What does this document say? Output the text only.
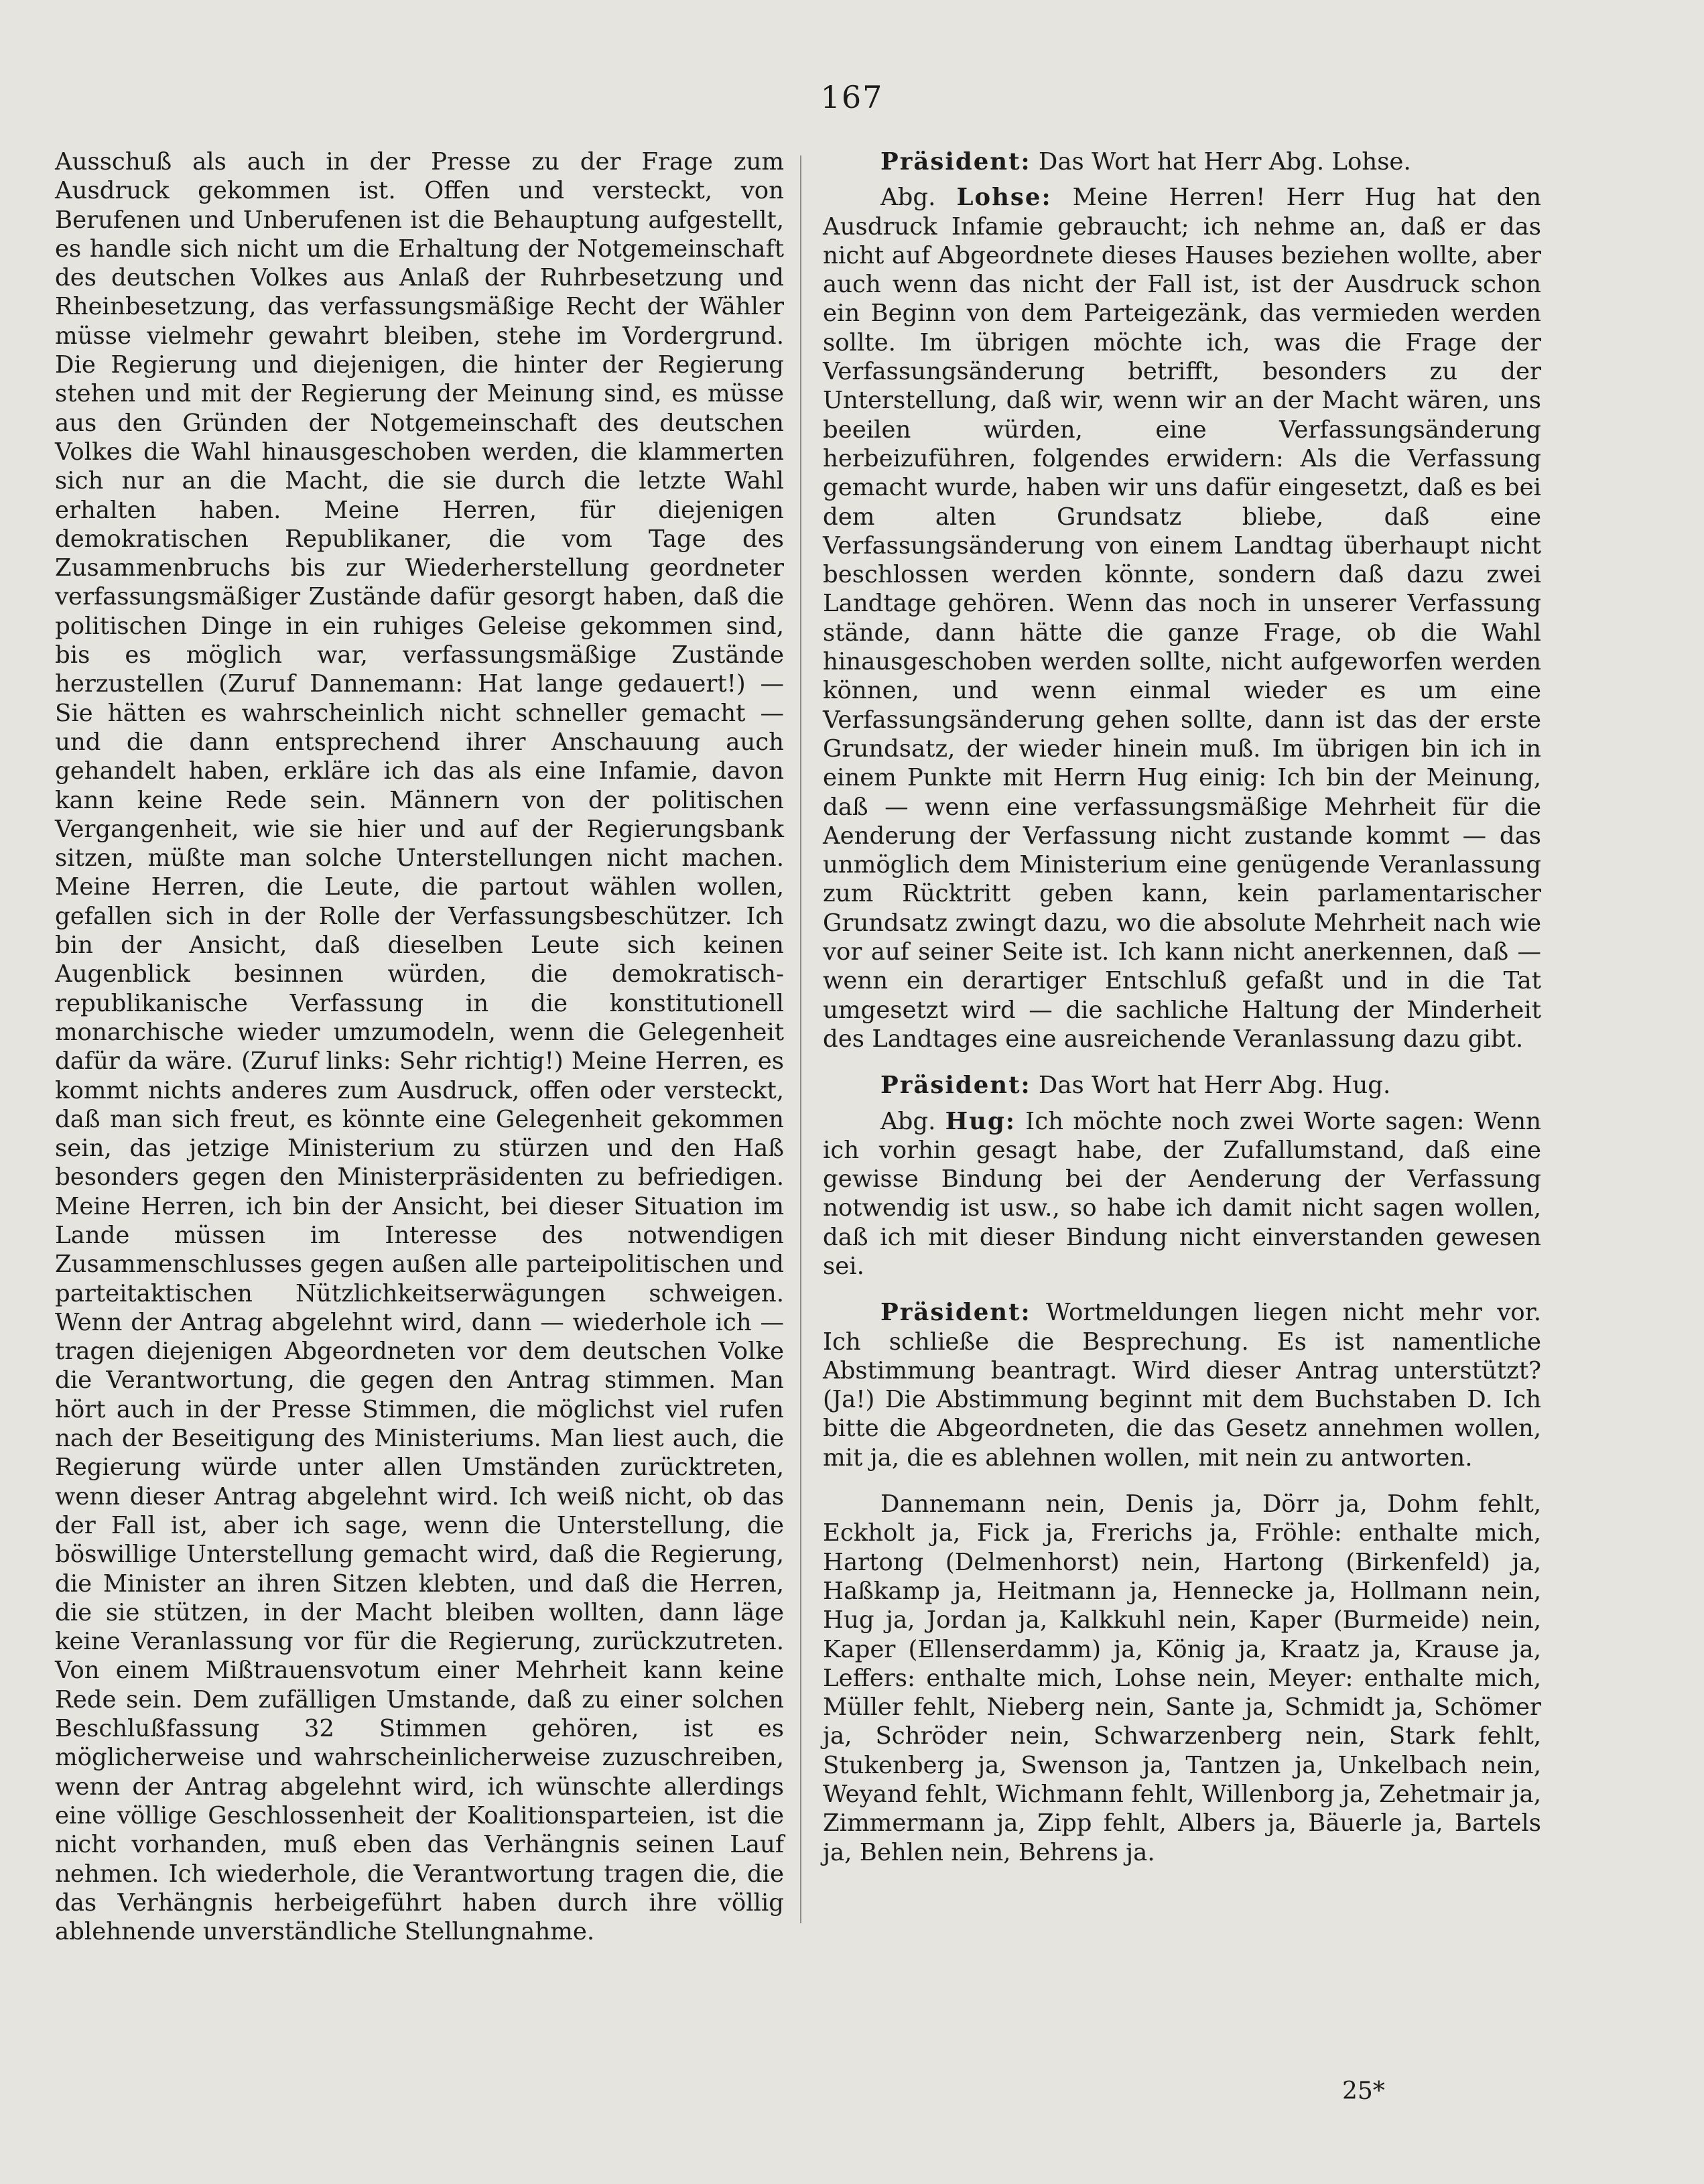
167

Ausschuß als auch in der Presse zu der Frage zum Ausdruck gekommen ist. Offen und versteckt, von Berufenen und Unberufenen ist die Behauptung aufgestellt, es handle sich nicht um die Erhaltung der Notgemeinschaft des deutschen Volkes aus Anlaß der Ruhrbesetzung und Rheinbesetzung, das verfassungsmäßige Recht der Wähler müsse vielmehr gewahrt bleiben, stehe im Vordergrund. Die Regierung und diejenigen, die hinter der Regierung stehen und mit der Regierung der Meinung sind, es müsse aus den Gründen der Notgemeinschaft des deutschen Volkes die Wahl hinausgeschoben werden, die klammerten sich nur an die Macht, die sie durch die letzte Wahl erhalten haben. Meine Herren, für diejenigen demokratischen Republikaner, die vom Tage des Zusammenbruchs bis zur Wiederherstellung geordneter verfassungsmäßiger Zustände dafür gesorgt haben, daß die politischen Dinge in ein ruhiges Geleise gekommen sind, bis es möglich war, verfassungsmäßige Zustände herzustellen (Zuruf Dannemann: Hat lange gedauert!) — Sie hätten es wahrscheinlich nicht schneller gemacht — und die dann entsprechend ihrer Anschauung auch gehandelt haben, erkläre ich das als eine Infamie, davon kann keine Rede sein. Männern von der politischen Vergangenheit, wie sie hier und auf der Regierungsbank sitzen, müßte man solche Unterstellungen nicht machen. Meine Herren, die Leute, die partout wählen wollen, gefallen sich in der Rolle der Verfassungsbeschützer. Ich bin der Ansicht, daß dieselben Leute sich keinen Augenblick besinnen würden, die demokratisch-republikanische Verfassung in die konstitutionell monarchische wieder umzumodeln, wenn die Gelegenheit dafür da wäre. (Zuruf links: Sehr richtig!) Meine Herren, es kommt nichts anderes zum Ausdruck, offen oder versteckt, daß man sich freut, es könnte eine Gelegenheit gekommen sein, das jetzige Ministerium zu stürzen und den Haß besonders gegen den Ministerpräsidenten zu befriedigen. Meine Herren, ich bin der Ansicht, bei dieser Situation im Lande müssen im Interesse des notwendigen Zusammenschlusses gegen außen alle parteipolitischen und parteitaktischen Nützlichkeitserwägungen schweigen. Wenn der Antrag abgelehnt wird, dann — wiederhole ich — tragen diejenigen Abgeordneten vor dem deutschen Volke die Verantwortung, die gegen den Antrag stimmen. Man hört auch in der Presse Stimmen, die möglichst viel rufen nach der Beseitigung des Ministeriums. Man liest auch, die Regierung würde unter allen Umständen zurücktreten, wenn dieser Antrag abgelehnt wird. Ich weiß nicht, ob das der Fall ist, aber ich sage, wenn die Unterstellung, die böswillige Unterstellung gemacht wird, daß die Regierung, die Minister an ihren Sitzen klebten, und daß die Herren, die sie stützen, in der Macht bleiben wollten, dann läge keine Veranlassung vor für die Regierung, zurückzutreten. Von einem Mißtrauensvotum einer Mehrheit kann keine Rede sein. Dem zufälligen Umstande, daß zu einer solchen Beschlußfassung 32 Stimmen gehören, ist es möglicherweise und wahrscheinlicherweise zuzuschreiben, wenn der Antrag abgelehnt wird, ich wünschte allerdings eine völlige Geschlossenheit der Koalitionsparteien, ist die nicht vorhanden, muß eben das Verhängnis seinen Lauf nehmen. Ich wiederhole, die Verantwortung tragen die, die das Verhängnis herbeigeführt haben durch ihre völlig ablehnende unverständliche Stellungnahme.

Präsident: Das Wort hat Herr Abg. Lohse.

Abg. Lohse: Meine Herren! Herr Hug hat den Ausdruck Infamie gebraucht; ich nehme an, daß er das nicht auf Abgeordnete dieses Hauses beziehen wollte, aber auch wenn das nicht der Fall ist, ist der Ausdruck schon ein Beginn von dem Parteigezänk, das vermieden werden sollte. Im übrigen möchte ich, was die Frage der Verfassungsänderung betrifft, besonders zu der Unterstellung, daß wir, wenn wir an der Macht wären, uns beeilen würden, eine Verfassungsänderung herbeizuführen, folgendes erwidern: Als die Verfassung gemacht wurde, haben wir uns dafür eingesetzt, daß es bei dem alten Grundsatz bliebe, daß eine Verfassungsänderung von einem Landtag überhaupt nicht beschlossen werden könnte, sondern daß dazu zwei Landtage gehören. Wenn das noch in unserer Verfassung stände, dann hätte die ganze Frage, ob die Wahl hinausgeschoben werden sollte, nicht aufgeworfen werden können, und wenn einmal wieder es um eine Verfassungsänderung gehen sollte, dann ist das der erste Grundsatz, der wieder hinein muß. Im übrigen bin ich in einem Punkte mit Herrn Hug einig: Ich bin der Meinung, daß — wenn eine verfassungsmäßige Mehrheit für die Aenderung der Verfassung nicht zustande kommt — das unmöglich dem Ministerium eine genügende Veranlassung zum Rücktritt geben kann, kein parlamentarischer Grundsatz zwingt dazu, wo die absolute Mehrheit nach wie vor auf seiner Seite ist. Ich kann nicht anerkennen, daß — wenn ein derartiger Entschluß gefaßt und in die Tat umgesetzt wird — die sachliche Haltung der Minderheit des Landtages eine ausreichende Veranlassung dazu gibt.

Präsident: Das Wort hat Herr Abg. Hug.

Abg. Hug: Ich möchte noch zwei Worte sagen: Wenn ich vorhin gesagt habe, der Zufallumstand, daß eine gewisse Bindung bei der Aenderung der Verfassung notwendig ist usw., so habe ich damit nicht sagen wollen, daß ich mit dieser Bindung nicht einverstanden gewesen sei.

Präsident: Wortmeldungen liegen nicht mehr vor. Ich schließe die Besprechung. Es ist namentliche Abstimmung beantragt. Wird dieser Antrag unterstützt? (Ja!) Die Abstimmung beginnt mit dem Buchstaben D. Ich bitte die Abgeordneten, die das Gesetz annehmen wollen, mit ja, die es ablehnen wollen, mit nein zu antworten.

Dannemann nein, Denis ja, Dörr ja, Dohm fehlt, Eckholt ja, Fick ja, Frerichs ja, Fröhle: enthalte mich, Hartong (Delmenhorst) nein, Hartong (Birkenfeld) ja, Haßkamp ja, Heitmann ja, Hennecke ja, Hollmann nein, Hug ja, Jordan ja, Kalkkuhl nein, Kaper (Burmeide) nein, Kaper (Ellenserdamm) ja, König ja, Kraatz ja, Krause ja, Leffers: enthalte mich, Lohse nein, Meyer: enthalte mich, Müller fehlt, Nieberg nein, Sante ja, Schmidt ja, Schömer ja, Schröder nein, Schwarzenberg nein, Stark fehlt, Stukenberg ja, Swenson ja, Tantzen ja, Unkelbach nein, Weyand fehlt, Wichmann fehlt, Willenborg ja, Zehetmair ja, Zimmermann ja, Zipp fehlt, Albers ja, Bäuerle ja, Bartels ja, Behlen nein, Behrens ja.

25*
